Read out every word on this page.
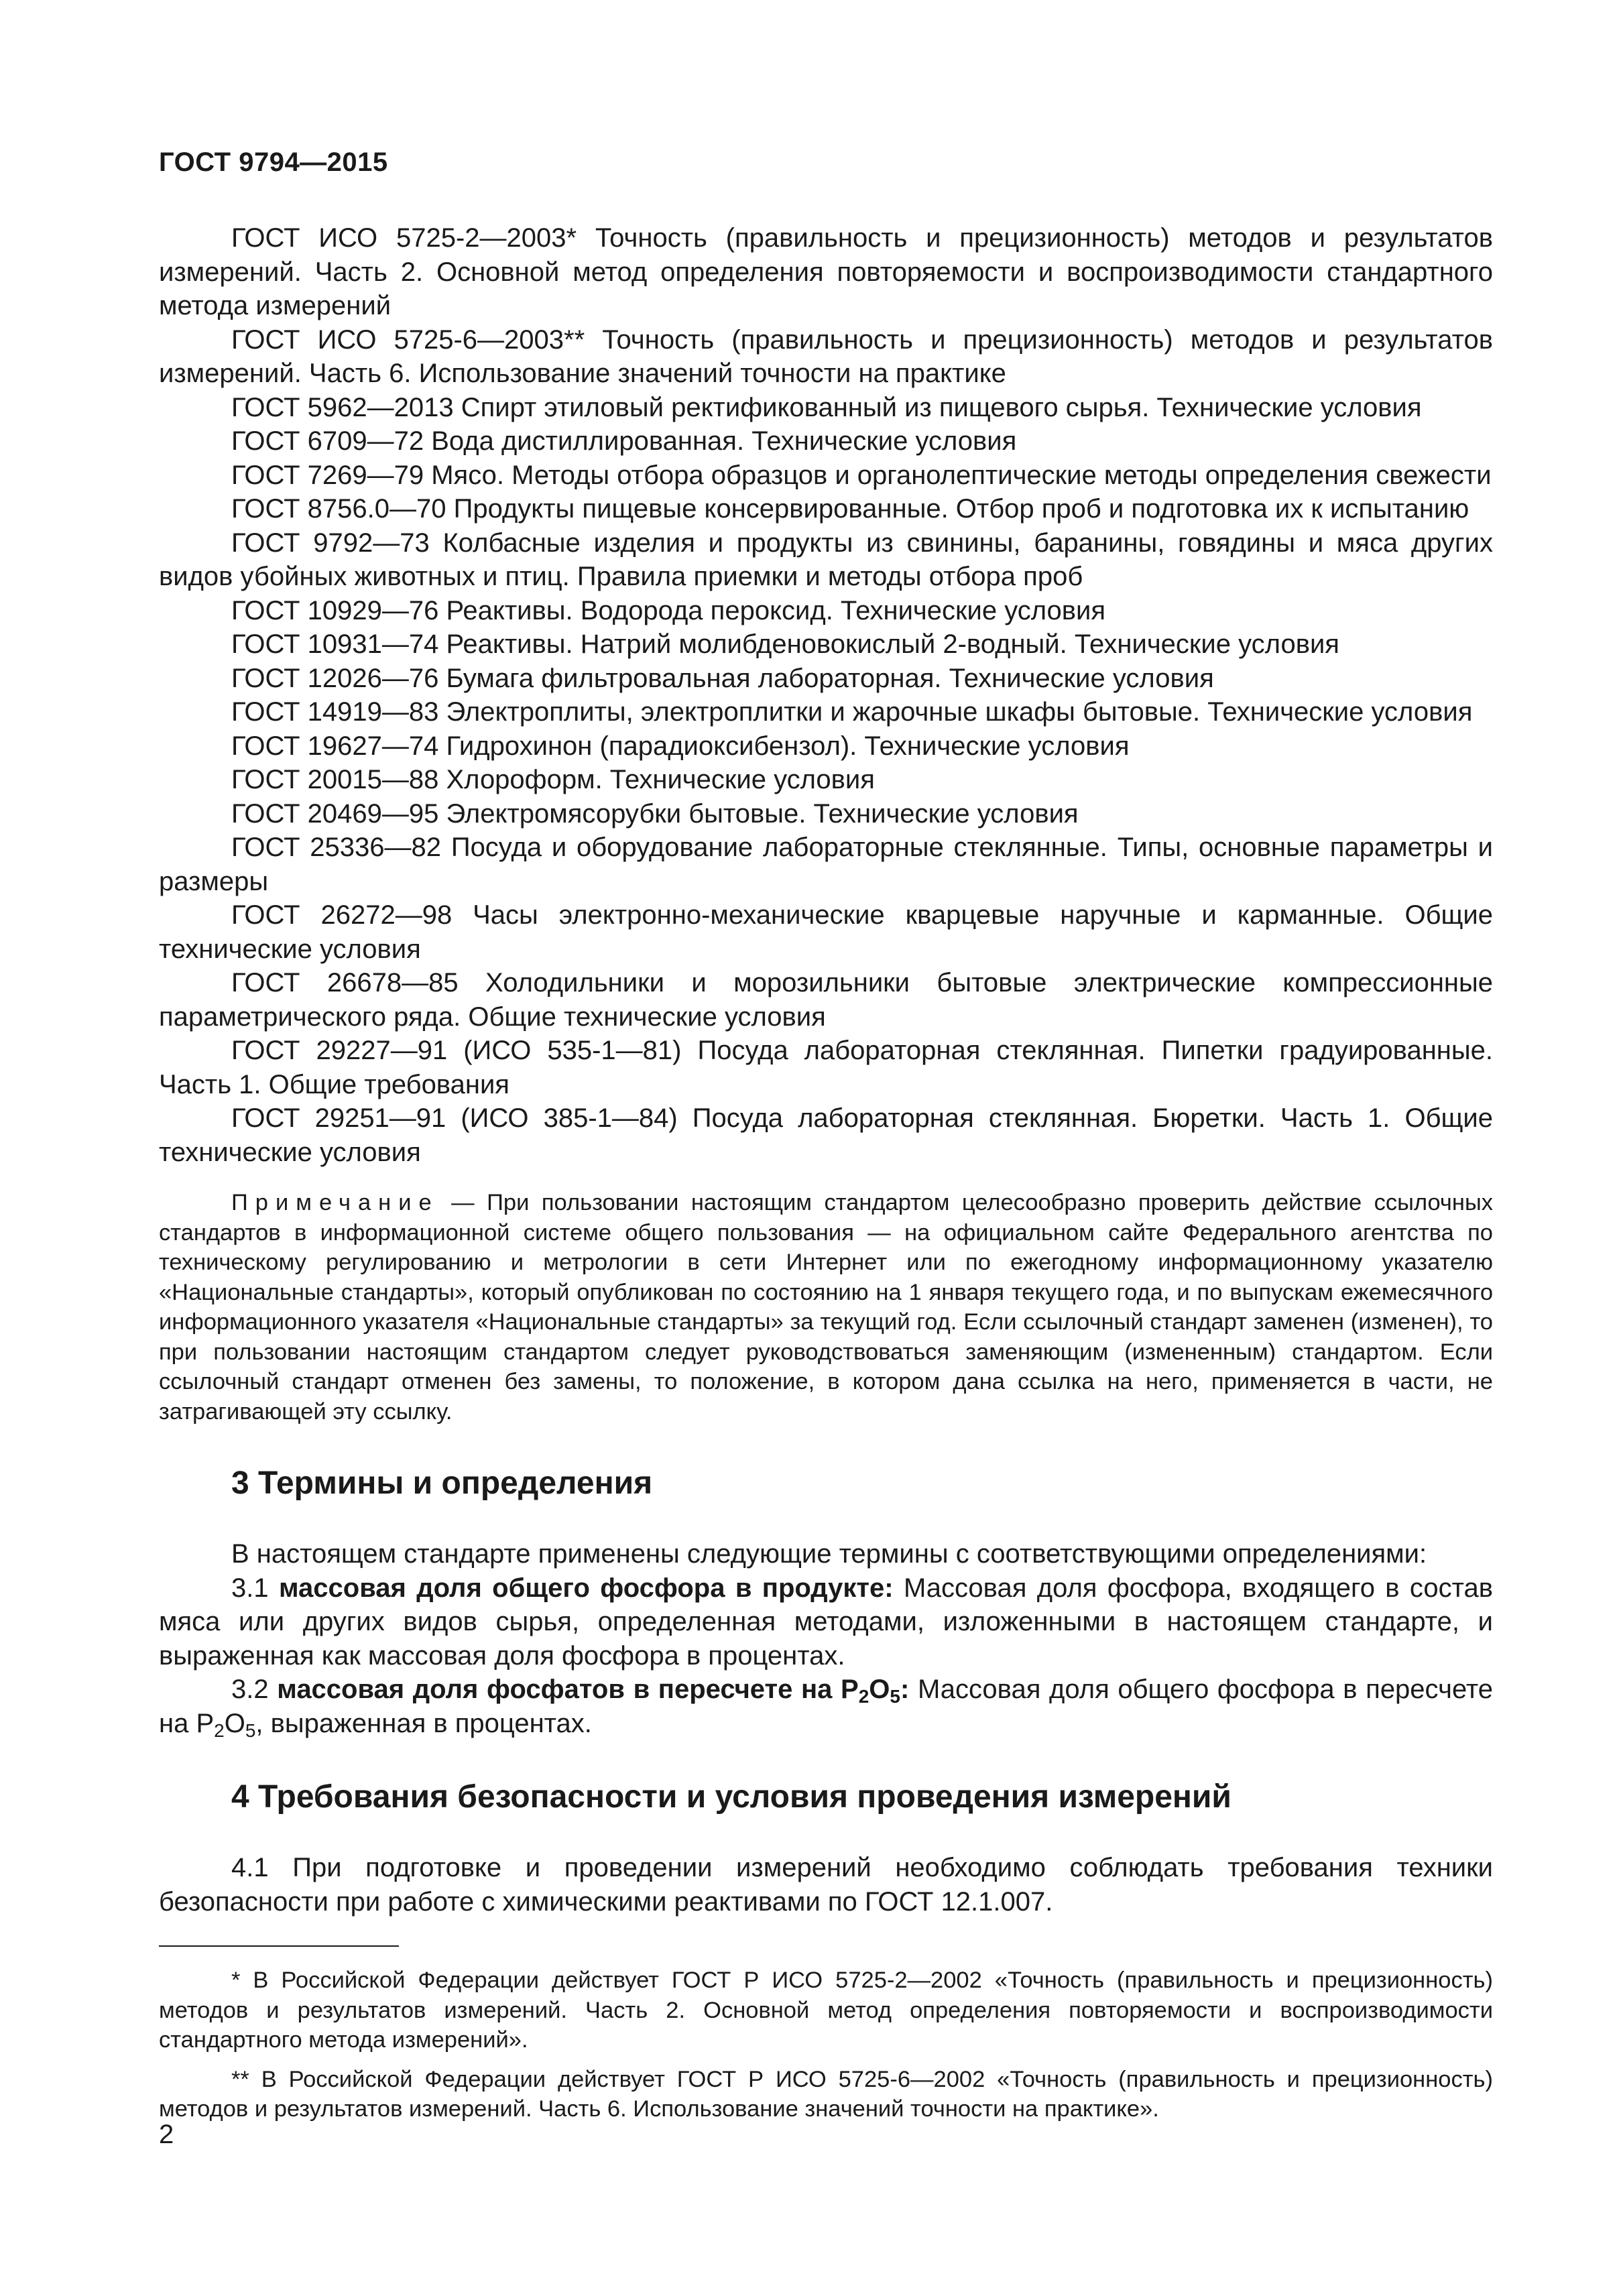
ГОСТ 9794—2015

ГОСТ ИСО 5725-2—2003* Точность (правильность и прецизионность) методов и результатов измерений. Часть 2. Основной метод определения повторяемости и воспроизводимости стандартного метода измерений

ГОСТ ИСО 5725-6—2003** Точность (правильность и прецизионность) методов и результатов измерений. Часть 6. Использование значений точности на практике

ГОСТ 5962—2013 Спирт этиловый ректификованный из пищевого сырья. Технические условия

ГОСТ 6709—72 Вода дистиллированная. Технические условия

ГОСТ 7269—79 Мясо. Методы отбора образцов и органолептические методы определения свежести

ГОСТ 8756.0—70 Продукты пищевые консервированные. Отбор проб и подготовка их к испытанию

ГОСТ 9792—73 Колбасные изделия и продукты из свинины, баранины, говядины и мяса других видов убойных животных и птиц. Правила приемки и методы отбора проб

ГОСТ 10929—76 Реактивы. Водорода пероксид. Технические условия

ГОСТ 10931—74 Реактивы. Натрий молибденовокислый 2-водный. Технические условия

ГОСТ 12026—76 Бумага фильтровальная лабораторная. Технические условия

ГОСТ 14919—83 Электроплиты, электроплитки и жарочные шкафы бытовые. Технические условия

ГОСТ 19627—74 Гидрохинон (парадиоксибензол). Технические условия

ГОСТ 20015—88 Хлороформ. Технические условия

ГОСТ 20469—95 Электромясорубки бытовые. Технические условия

ГОСТ 25336—82 Посуда и оборудование лабораторные стеклянные. Типы, основные параметры и размеры

ГОСТ 26272—98 Часы электронно-механические кварцевые наручные и карманные. Общие технические условия

ГОСТ 26678—85 Холодильники и морозильники бытовые электрические компрессионные параметрического ряда. Общие технические условия

ГОСТ 29227—91 (ИСО 535-1—81) Посуда лабораторная стеклянная. Пипетки градуированные. Часть 1. Общие требования

ГОСТ 29251—91 (ИСО 385-1—84) Посуда лабораторная стеклянная. Бюретки. Часть 1. Общие технические условия

Примечание — При пользовании настоящим стандартом целесообразно проверить действие ссылочных стандартов в информационной системе общего пользования — на официальном сайте Федерального агентства по техническому регулированию и метрологии в сети Интернет или по ежегодному информационному указателю «Национальные стандарты», который опубликован по состоянию на 1 января текущего года, и по выпускам ежемесячного информационного указателя «Национальные стандарты» за текущий год. Если ссылочный стандарт заменен (изменен), то при пользовании настоящим стандартом следует руководствоваться заменяющим (измененным) стандартом. Если ссылочный стандарт отменен без замены, то положение, в котором дана ссылка на него, применяется в части, не затрагивающей эту ссылку.

3 Термины и определения

В настоящем стандарте применены следующие термины с соответствующими определениями:

3.1 массовая доля общего фосфора в продукте: Массовая доля фосфора, входящего в состав мяса или других видов сырья, определенная методами, изложенными в настоящем стандарте, и выраженная как массовая доля фосфора в процентах.

3.2 массовая доля фосфатов в пересчете на $P_2O_5$: Массовая доля общего фосфора в пересчете на $P_2O_5$, выраженная в процентах.

4 Требования безопасности и условия проведения измерений

4.1 При подготовке и проведении измерений необходимо соблюдать требования техники безопасности при работе с химическими реактивами по ГОСТ 12.1.007.

* В Российской Федерации действует ГОСТ Р ИСО 5725-2—2002 «Точность (правильность и прецизионность) методов и результатов измерений. Часть 2. Основной метод определения повторяемости и воспроизводимости стандартного метода измерений».

** В Российской Федерации действует ГОСТ Р ИСО 5725-6—2002 «Точность (правильность и прецизионность) методов и результатов измерений. Часть 6. Использование значений точности на практике».

2
